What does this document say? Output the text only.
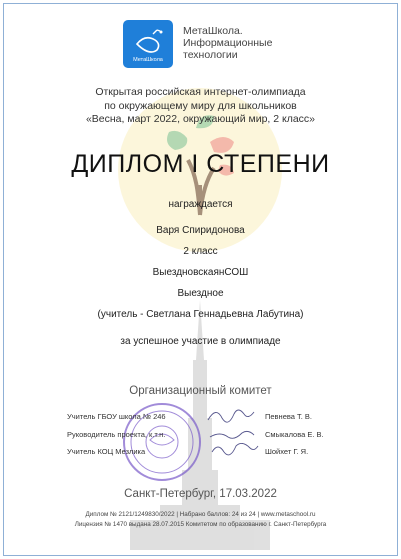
МетаШкола
МетаШкола.
Информационные
технологии
Открытая российская интернет-олимпиада
по окружающему миру для школьников
«Весна, март 2022, окружающий мир, 2 класс»
ДИПЛОМ I СТЕПЕНИ
награждается
Варя Спиридонова
2 класс
ВыездновскаянСОШ
Выездное
(учитель - Светлана Геннадьевна Лабутина)
за успешное участие в олимпиаде
Организационный комитет
Учитель ГБОУ школа № 246	Певнева Т. В.
Руководитель проекта, к.т.н.	Смыкалова Е. В.
Учитель КОЦ Мезлика	Шойхет Г. Я.
Санкт-Петербург, 17.03.2022
Диплом № 2121/1249830/2022 | Набрано баллов: 24 из 24 | www.metaschool.ru
Лицензия № 1470 выдана 28.07.2015 Комитетом по образованию г. Санкт-Петербурга
